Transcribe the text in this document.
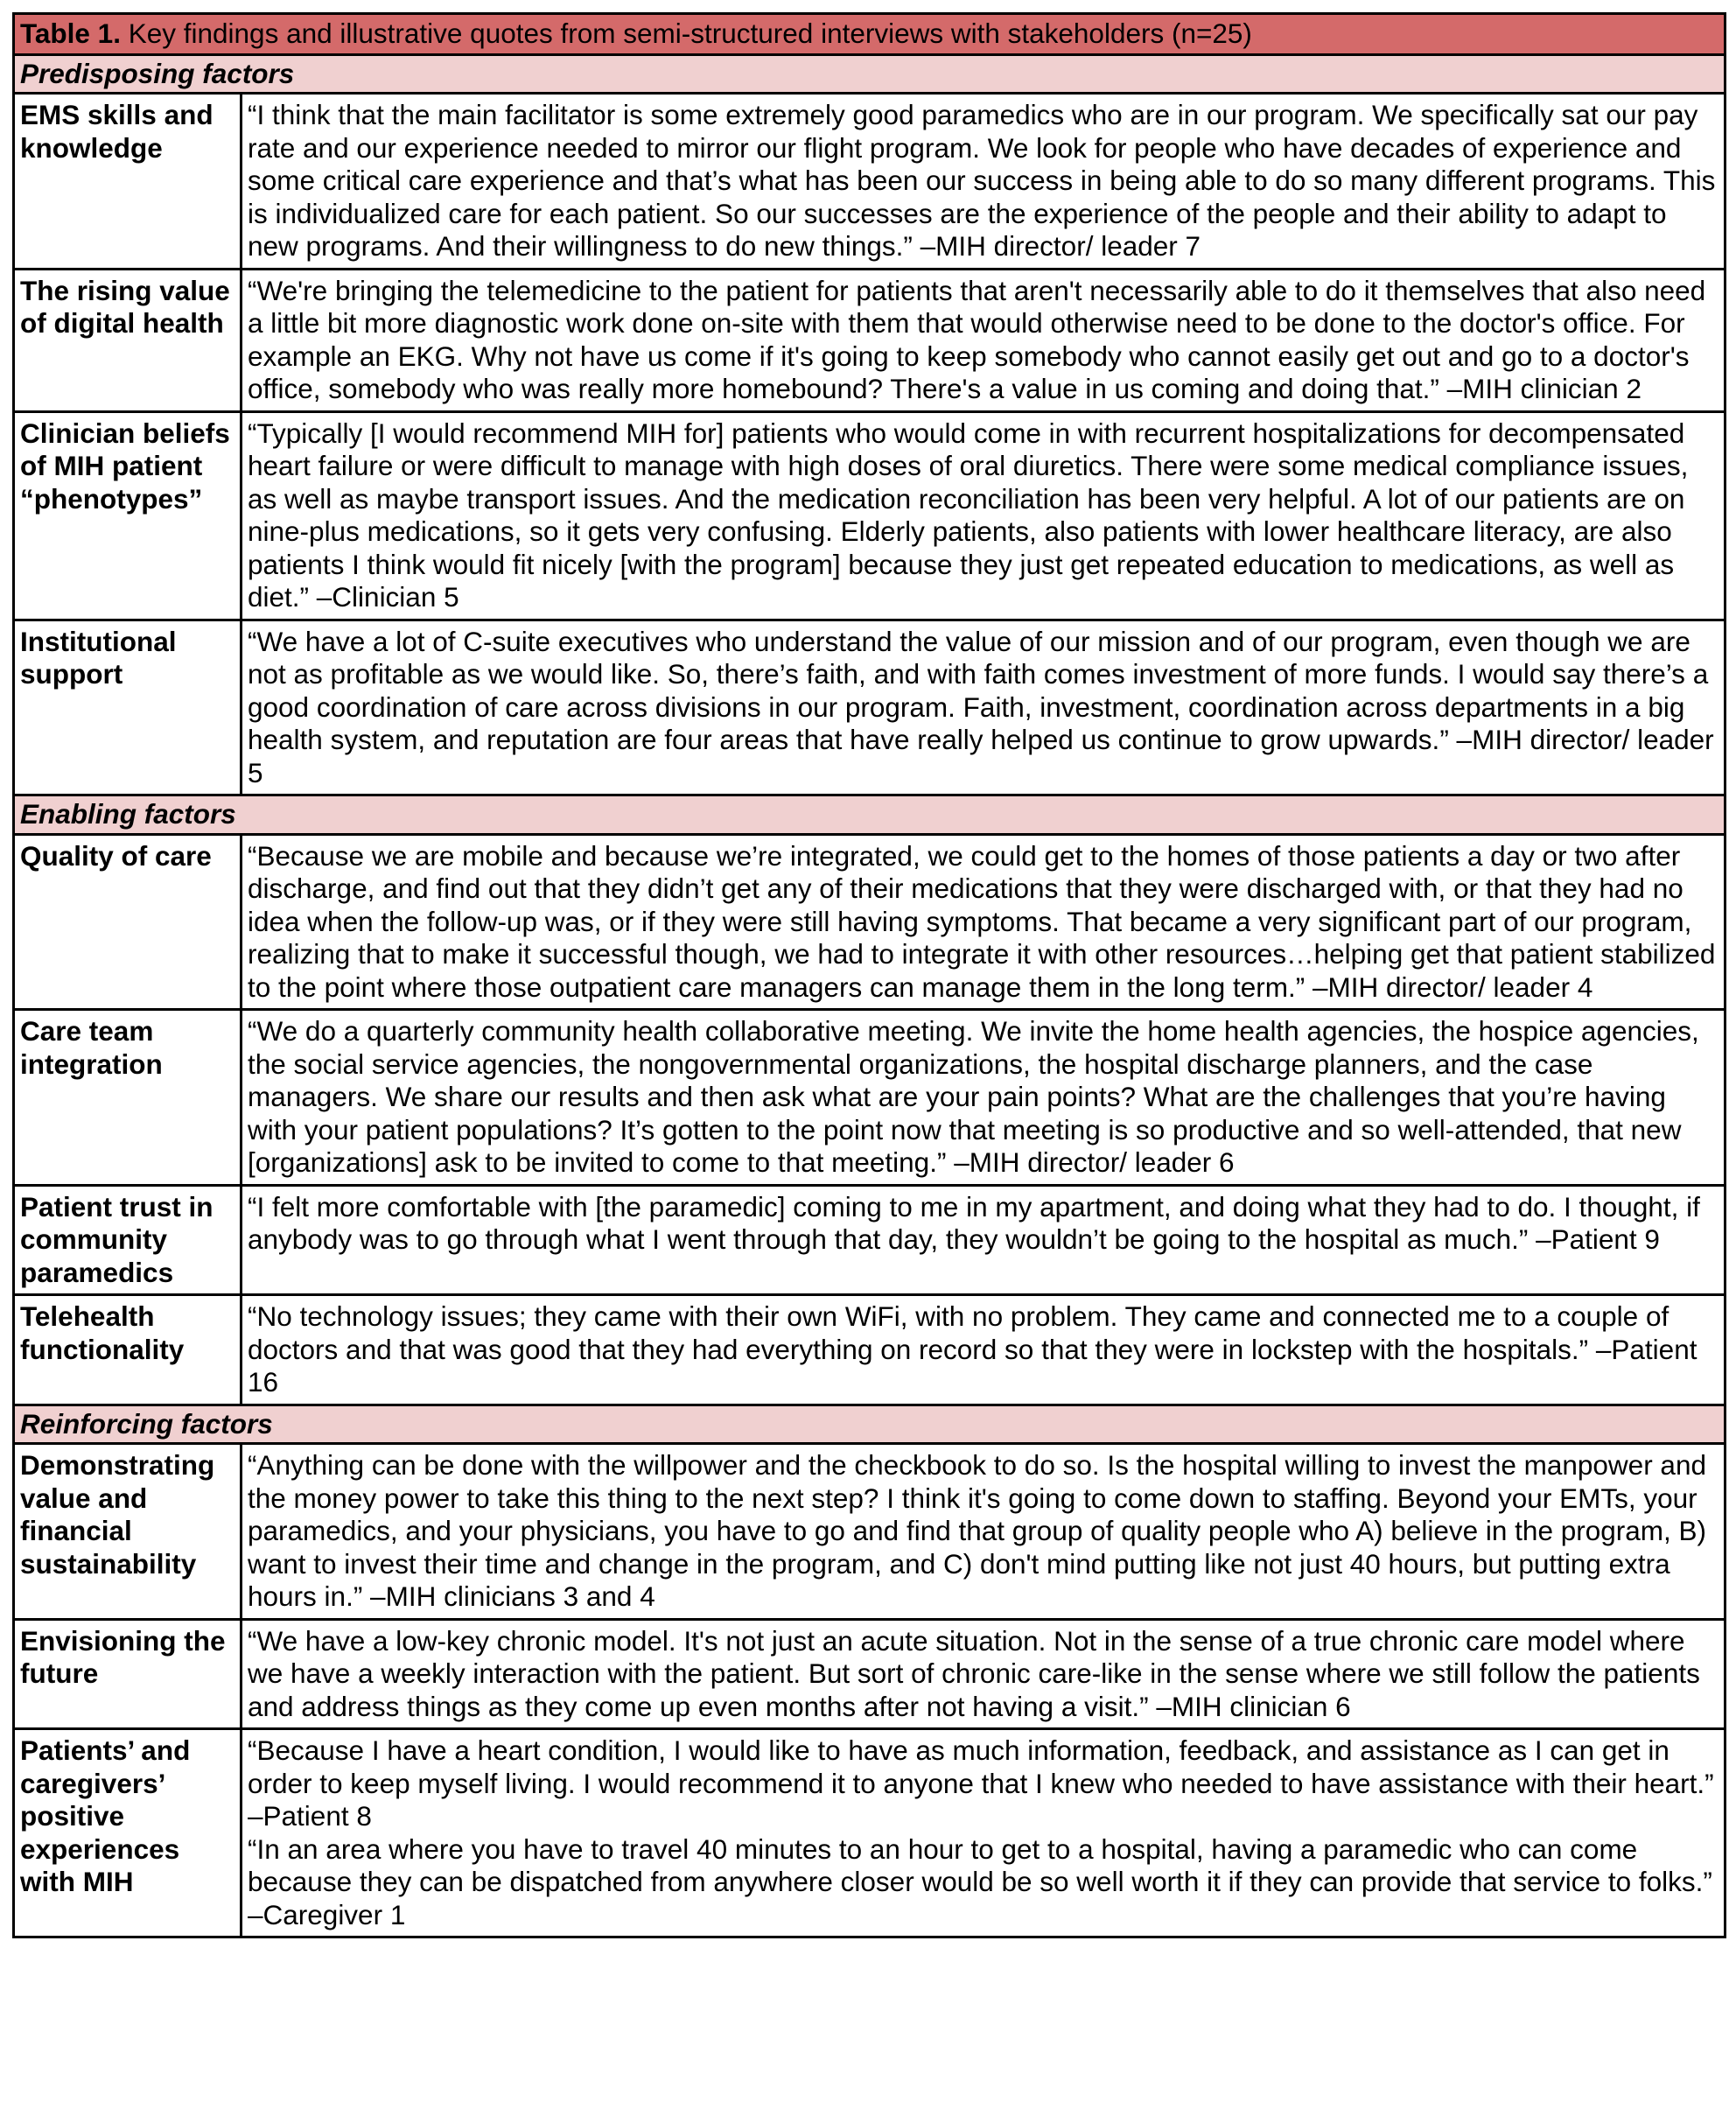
Table 1. Key findings and illustrative quotes from semi-structured interviews with stakeholders (n=25)	
Predisposing factors	
EMS skills and knowledge	“I think that the main facilitator is some extremely good paramedics who are in our program. We specifically sat our pay rate and our experience needed to mirror our flight program. We look for people who have decades of experience and some critical care experience and that’s what has been our success in being able to do so many different programs. This is individualized care for each patient. So our successes are the experience of the people and their ability to adapt to new programs. And their willingness to do new things.” –MIH director/ leader 7

The rising value of digital health	“We're bringing the telemedicine to the patient for patients that aren't necessarily able to do it themselves that also need a little bit more diagnostic work done on-site with them that would otherwise need to be done to the doctor's office. For example an EKG. Why not have us come if it's going to keep somebody who cannot easily get out and go to a doctor's office, somebody who was really more homebound? There's a value in us coming and doing that.” –MIH clinician 2

Clinician beliefs of MIH patient “phenotypes”	“Typically [I would recommend MIH for] patients who would come in with recurrent hospitalizations for decompensated heart failure or were difficult to manage with high doses of oral diuretics. There were some medical compliance issues, as well as maybe transport issues. And the medication reconciliation has been very helpful. A lot of our patients are on nine-plus medications, so it gets very confusing. Elderly patients, also patients with lower healthcare literacy, are also patients I think would fit nicely [with the program] because they just get repeated education to medications, as well as diet.” –Clinician 5

Institutional support	“We have a lot of C-suite executives who understand the value of our mission and of our program, even though we are not as profitable as we would like. So, there’s faith, and with faith comes investment of more funds. I would say there’s a good coordination of care across divisions in our program. Faith, investment, coordination across departments in a big health system, and reputation are four areas that have really helped us continue to grow upwards.” –MIH director/ leader 5

Enabling factors	
Quality of care	“Because we are mobile and because we’re integrated, we could get to the homes of those patients a day or two after discharge, and find out that they didn’t get any of their medications that they were discharged with, or that they had no idea when the follow-up was, or if they were still having symptoms. That became a very significant part of our program, realizing that to make it successful though, we had to integrate it with other resources…helping get that patient stabilized to the point where those outpatient care managers can manage them in the long term.” –MIH director/ leader 4

Care team integration	“We do a quarterly community health collaborative meeting. We invite the home health agencies, the hospice agencies, the social service agencies, the nongovernmental organizations, the hospital discharge planners, and the case managers. We share our results and then ask what are your pain points? What are the challenges that you’re having with your patient populations? It’s gotten to the point now that meeting is so productive and so well-attended, that new [organizations] ask to be invited to come to that meeting.” –MIH director/ leader 6

Patient trust in community paramedics	“I felt more comfortable with [the paramedic] coming to me in my apartment, and doing what they had to do. I thought, if anybody was to go through what I went through that day, they wouldn’t be going to the hospital as much.” –Patient 9

Telehealth functionality	“No technology issues; they came with their own WiFi, with no problem. They came and connected me to a couple of doctors and that was good that they had everything on record so that they were in lockstep with the hospitals.” –Patient 16

Reinforcing factors	
Demonstrating value and financial sustainability	“Anything can be done with the willpower and the checkbook to do so. Is the hospital willing to invest the manpower and the money power to take this thing to the next step? I think it's going to come down to staffing. Beyond your EMTs, your paramedics, and your physicians, you have to go and find that group of quality people who A) believe in the program, B) want to invest their time and change in the program, and C) don't mind putting like not just 40 hours, but putting extra hours in.” –MIH clinicians 3 and 4

Envisioning the future	“We have a low-key chronic model. It's not just an acute situation. Not in the sense of a true chronic care model where we have a weekly interaction with the patient. But sort of chronic care-like in the sense where we still follow the patients and address things as they come up even months after not having a visit.” –MIH clinician 6

Patients’ and caregivers’ positive experiences with MIH	“Because I have a heart condition, I would like to have as much information, feedback, and assistance as I can get in order to keep myself living. I would recommend it to anyone that I knew who needed to have assistance with their heart.” –Patient 8

“In an area where you have to travel 40 minutes to an hour to get to a hospital, having a paramedic who can come because they can be dispatched from anywhere closer would be so well worth it if they can provide that service to folks.” –Caregiver 1
